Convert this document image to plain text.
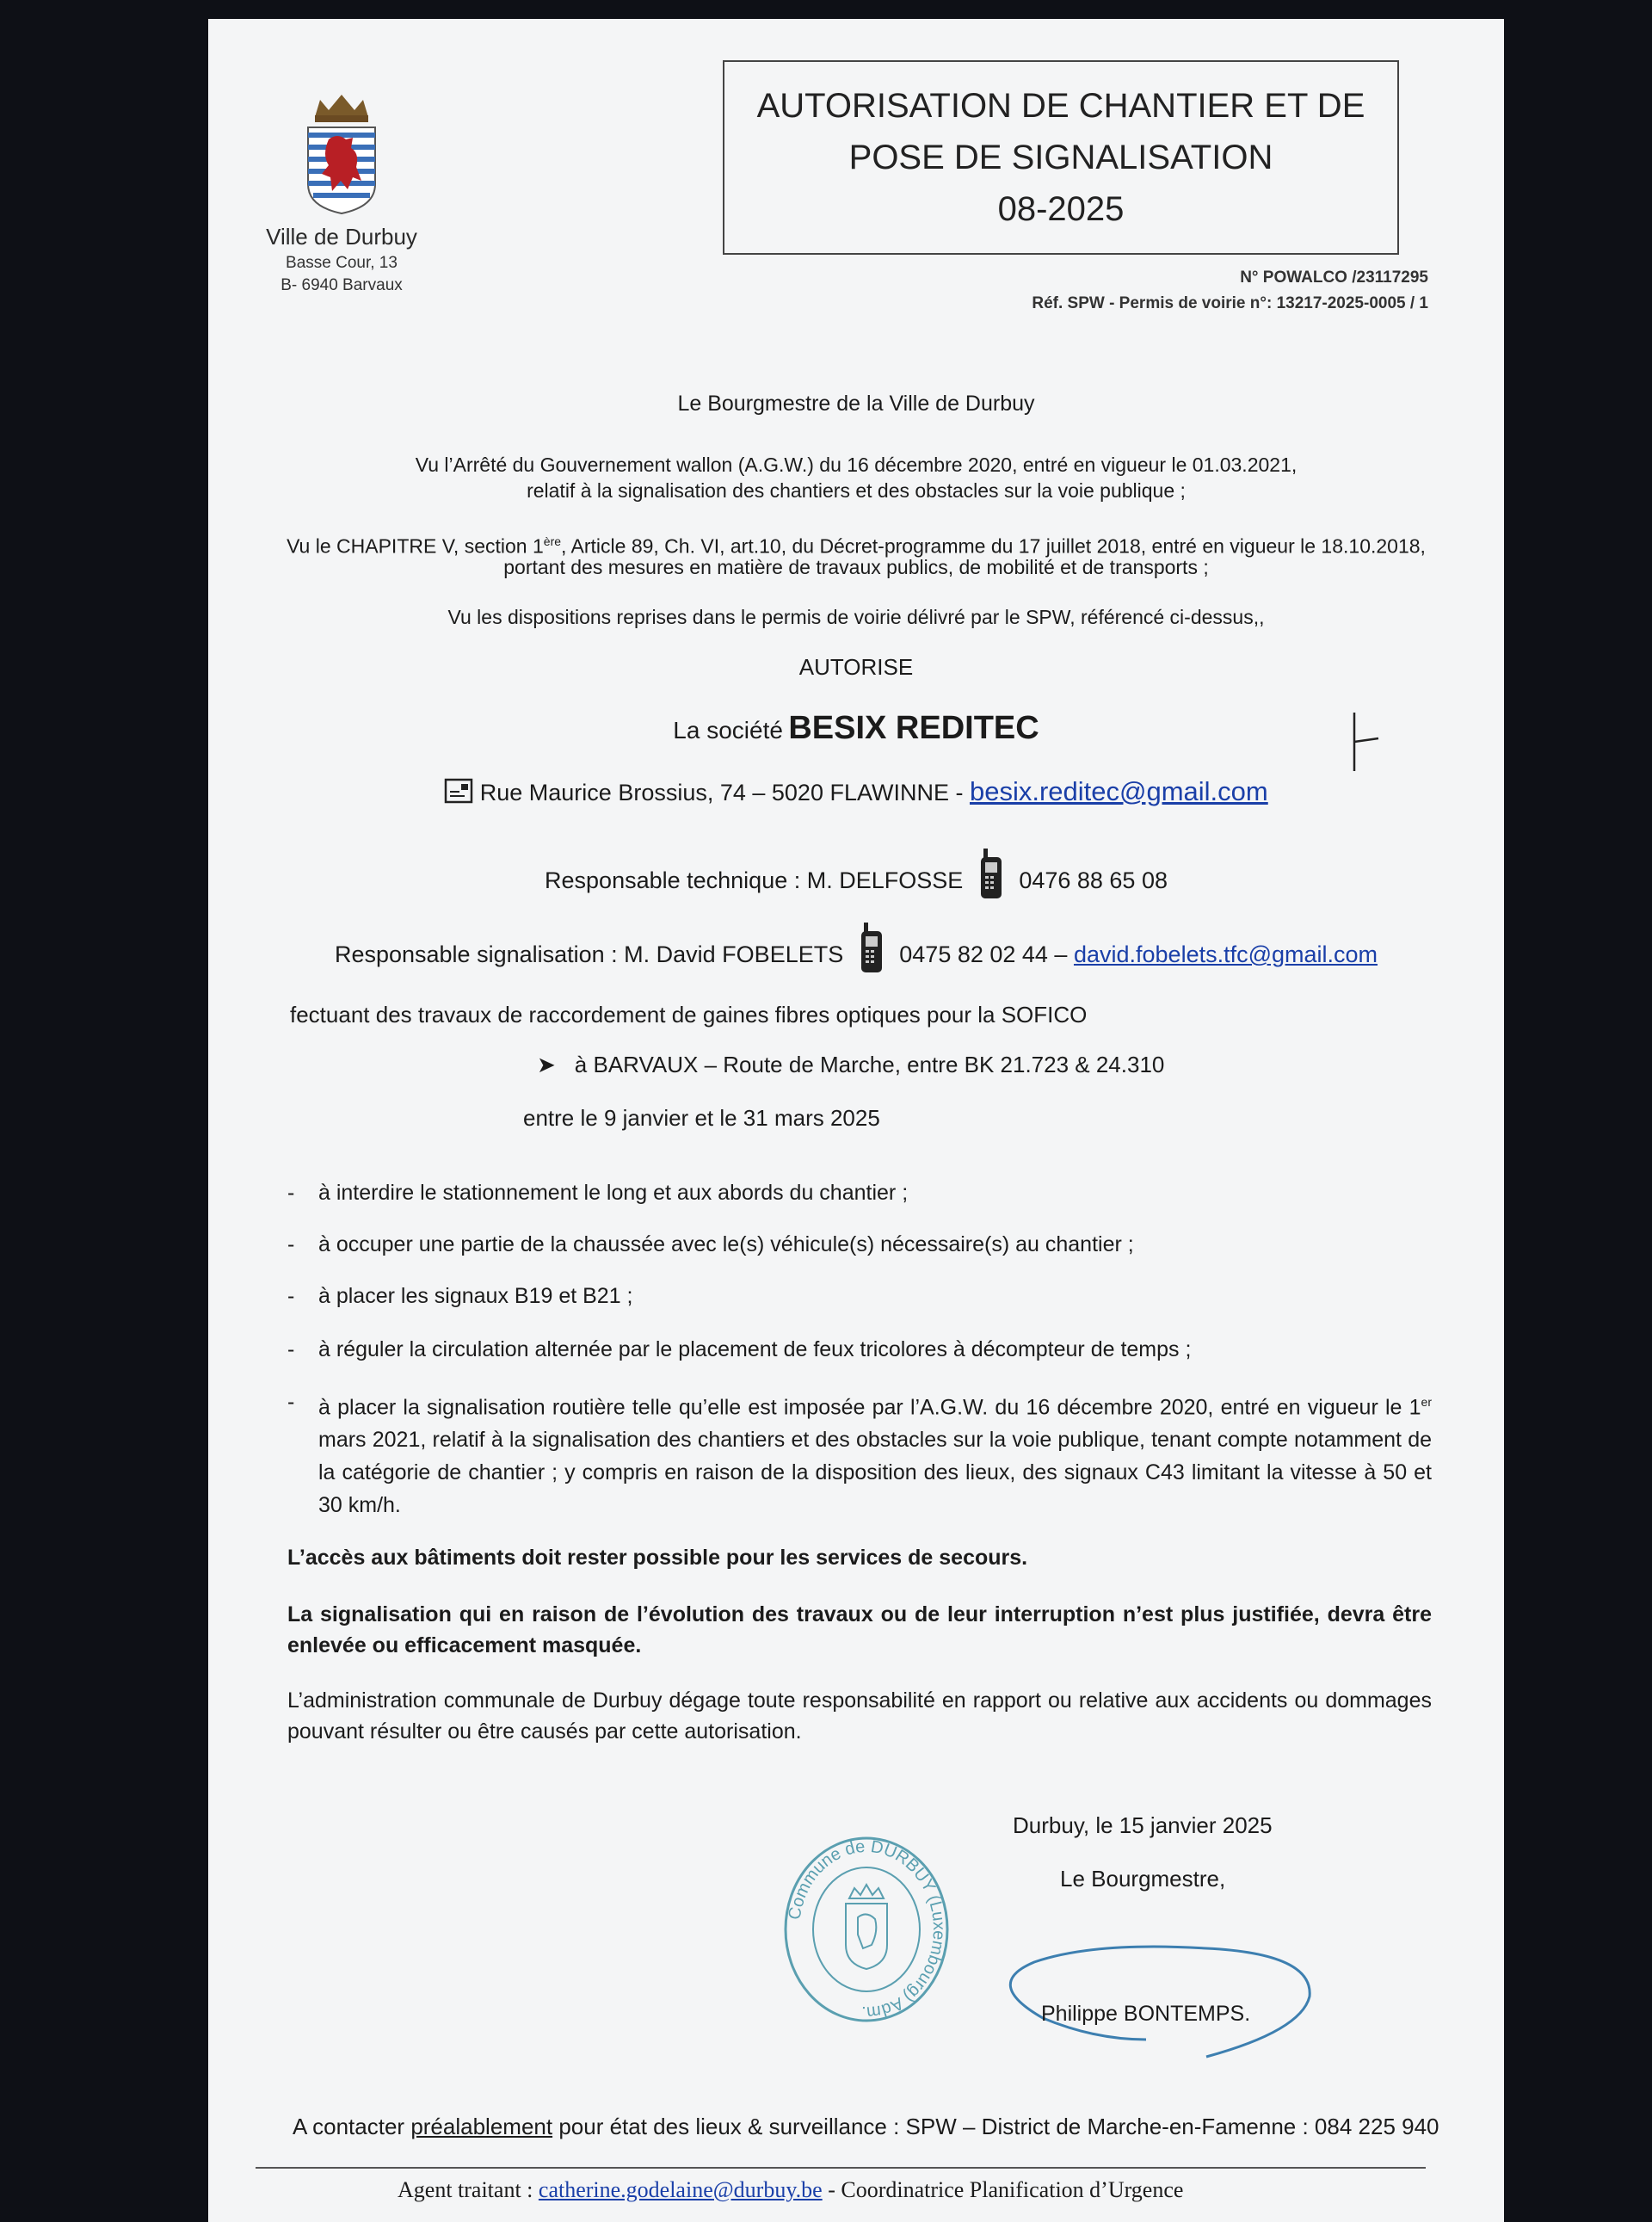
Ville de Durbuy
Basse Cour, 13
B- 6940 Barvaux
AUTORISATION DE CHANTIER ET DE
POSE DE SIGNALISATION
08-2025
N° POWALCO /23117295
Réf. SPW - Permis de voirie n°: 13217-2025-0005 / 1
Le Bourgmestre de la Ville de Durbuy
Vu l’Arrêté du Gouvernement wallon (A.G.W.) du 16 décembre 2020, entré en vigueur le 01.03.2021,
relatif à la signalisation des chantiers et des obstacles sur la voie publique ;
Vu le CHAPITRE V, section 1ère, Article 89, Ch. VI, art.10, du Décret-programme du 17 juillet 2018, entré en vigueur le 18.10.2018,
portant des mesures en matière de travaux publics, de mobilité et de transports ;
Vu les dispositions reprises dans le permis de voirie délivré par le SPW, référencé ci-dessus,,
AUTORISE
La société BESIX REDITEC
Rue Maurice Brossius, 74 – 5020 FLAWINNE - besix.reditec@gmail.com
Responsable technique : M. DELFOSSE 0476 88 65 08
Responsable signalisation : M. David FOBELETS 0475 82 02 44 – david.fobelets.tfc@gmail.com
fectuant des travaux de raccordement de gaines fibres optiques pour la SOFICO
➤ à BARVAUX – Route de Marche, entre BK 21.723 & 24.310
entre le 9 janvier et le 31 mars 2025
- à interdire le stationnement le long et aux abords du chantier ;
- à occuper une partie de la chaussée avec le(s) véhicule(s) nécessaire(s) au chantier ;
- à placer les signaux B19 et B21 ;
- à réguler la circulation alternée par le placement de feux tricolores à décompteur de temps ;
- à placer la signalisation routière telle qu’elle est imposée par l’A.G.W. du 16 décembre 2020, entré en vigueur le 1er mars 2021, relatif à la signalisation des chantiers et des obstacles sur la voie publique, tenant compte notamment de la catégorie de chantier ; y compris en raison de la disposition des lieux, des signaux C43 limitant la vitesse à 50 et 30 km/h.
L’accès aux bâtiments doit rester possible pour les services de secours.
La signalisation qui en raison de l’évolution des travaux ou de leur interruption n’est plus justifiée, devra être enlevée ou efficacement masquée.
L’administration communale de Durbuy dégage toute responsabilité en rapport ou relative aux accidents ou dommages pouvant résulter ou être causés par cette autorisation.
Durbuy, le 15 janvier 2025
Le Bourgmestre,
Commune de DURBUY (Luxembourg) Adm.	Philippe BONTEMPS.
A contacter préalablement pour état des lieux & surveillance : SPW – District de Marche-en-Famenne : 084 225 940
Agent traitant : catherine.godelaine@durbuy.be - Coordinatrice Planification d’Urgence
